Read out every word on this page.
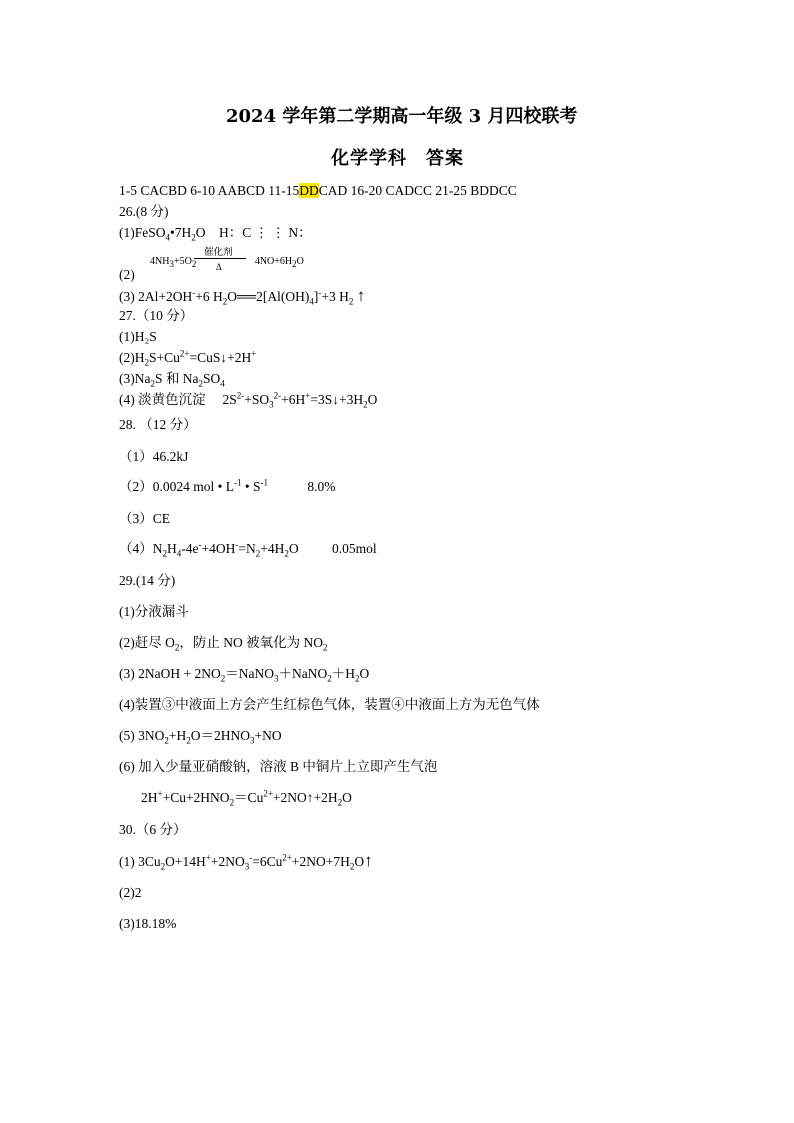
2024 学年第二学期高一年级 3 月四校联考
化学学科　答案
1-5 CACBD 6-10 AABCD 11-15DDCAD 16-20 CADCC 21-25 BDDCC
26.(8 分)
$(1)FeSO_4•7H_2O$　H：C ⋮ ⋮ N：
(2)
催化剂
$4NH_3+5O_2$ Δ	$4NO+6H_2O$
(3) 2Al+2OH-+6 $H_2O══2[Al(OH)_4]^-+3$ $H_2$ ↑
27.（10 分）
(1)H₂S
$(2)H_2S+Cu^{2+}=CuS↓+2H^+$
$(3)Na_2S$ 和 $Na_2SO_4$
(4) 淡黄色沉淀　 $2S^{2-}+SO_3^{2-}+6H^+=3S↓+3H_2O$
28. （12 分）
（1）46.2kJ
（2）0.0024 mol • $L^{-1}$ • $S^{-1}$	8.0%
（3）CE
$(4)N_2H_4-4e^-+4OH^-=N_2+4H_2O$ 0.05mol
29.(14 分)
(1)分液漏斗
(2)赶尽 $O_2$，防止 NO 被氧化为 $NO_2$
(3) 2NaOH + $2NO_2=NaNO_3+NaNO_2+H_2O$
(4)装置③中液面上方会产生红棕色气体，装置④中液面上方为无色气体
(5) $3NO_2+H_2O=2HNO_3+NO$
(6) 加入少量亚硝酸钠，溶液 B 中铜片上立即产生气泡
$2H^++Cu+2HNO_2=Cu^{2+}+2NO↑+2H_2O$
30.（6 分）
(1) $3Cu_2O+14H^++2NO_3^-=6Cu^{2+}+2NO+7H_2O↑$
(2)2
(3)18.18%
